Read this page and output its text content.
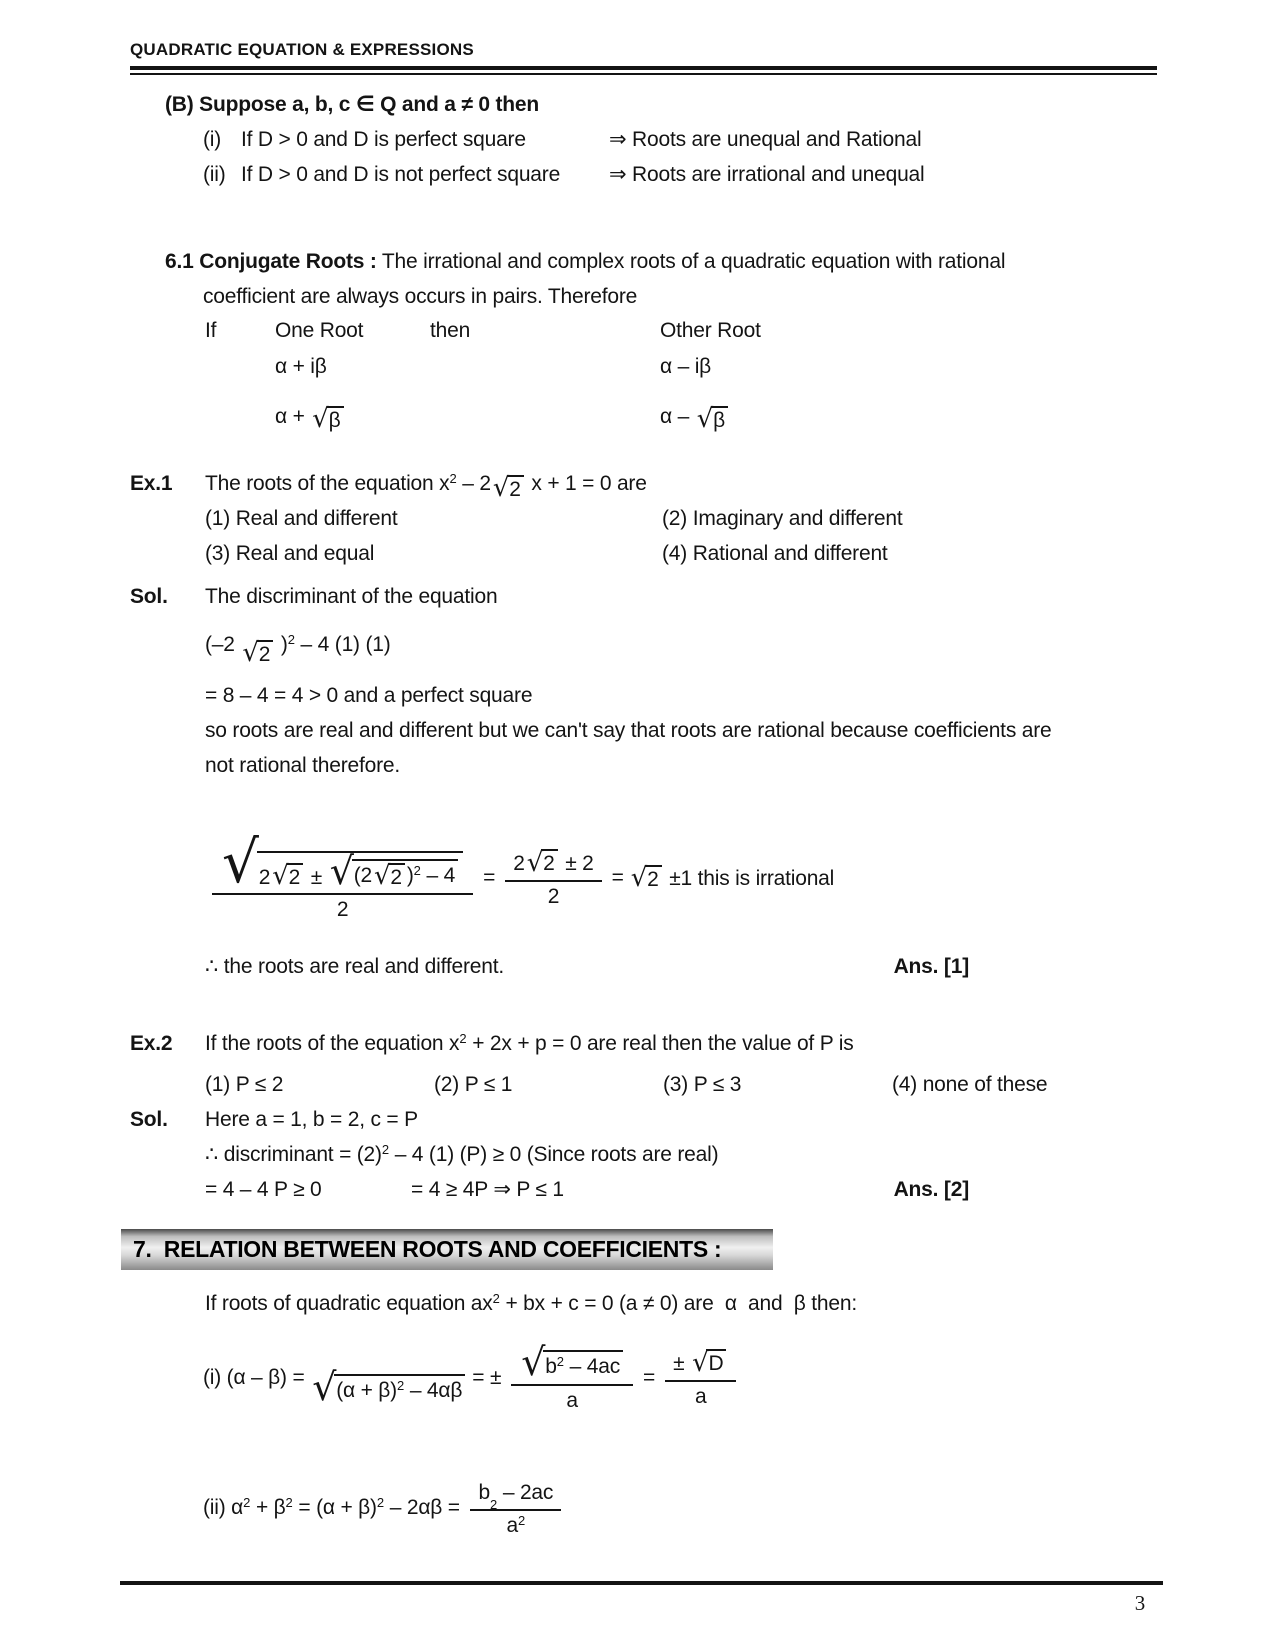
QUADRATIC EQUATION & EXPRESSIONS
(B) Suppose a, b, c ∈ Q and a ≠ 0 then
(i) If D > 0 and D is perfect square	⇒ Roots are unequal and Rational
(ii) If D > 0 and D is not perfect square	⇒ Roots are irrational and unequal
6.1 Conjugate Roots : The irrational and complex roots of a quadratic equation with rational
coefficient are always occurs in pairs. Therefore
If	One Root	then	Other Root
α + iβ	α – iβ
α + √ β	α – √ β
Ex.1	The roots of the equation $x^2 - 2$ √ 2 x + 1 = 0 are
(1) Real and different	(2) Imaginary and different
(3) Real and equal	(4) Rational and different
Sol.	The discriminant of the equation
(–2 √ 2 )$^2$ – 4 (1) (1)
= 8 – 4 = 4 > 0 and a perfect square
so roots are real and different but we can't say that roots are rational because coefficients are
not rational therefore.
$\frac{√ 2 √ 2 \pm √ (2 √ 2 )^2 - 4}{2} = \frac{2 √ 2 \pm 2}{2}$ = √ 2 ±1 this is irrational
∴ the roots are real and different.	Ans. [1]
Ex.2	If the roots of the equation $x^2 + 2x + p = 0$ are real then the value of P is
(1) P ≤ 2	(2) P ≤ 1	(3) P ≤ 3	(4) none of these
Sol.	Here a = 1, b = 2, c = P
∴ discriminant = $(2)^2 - 4$ (1) (P) ≥ 0 (Since roots are real)
= 4 – 4 P ≥ 0	= 4 ≥ 4P ⇒ P ≤ 1	Ans. [2]
7.  RELATION BETWEEN ROOTS AND COEFFICIENTS :
If roots of quadratic equation $ax^2$ + bx + c = 0 (a ≠ 0) are  α  and  β then:
(i) (α – β) = √ $(\alpha + \beta)^2 - 4\alpha\beta$
= ± $\frac{√ b^2 - 4ac}{a} = \frac{\pm √ D}{a}$
(ii) $\alpha^2 + \beta^2 = (\alpha + \beta)^2 - 2\alpha\beta = b$
2
– 2ac
$a^2$
3
